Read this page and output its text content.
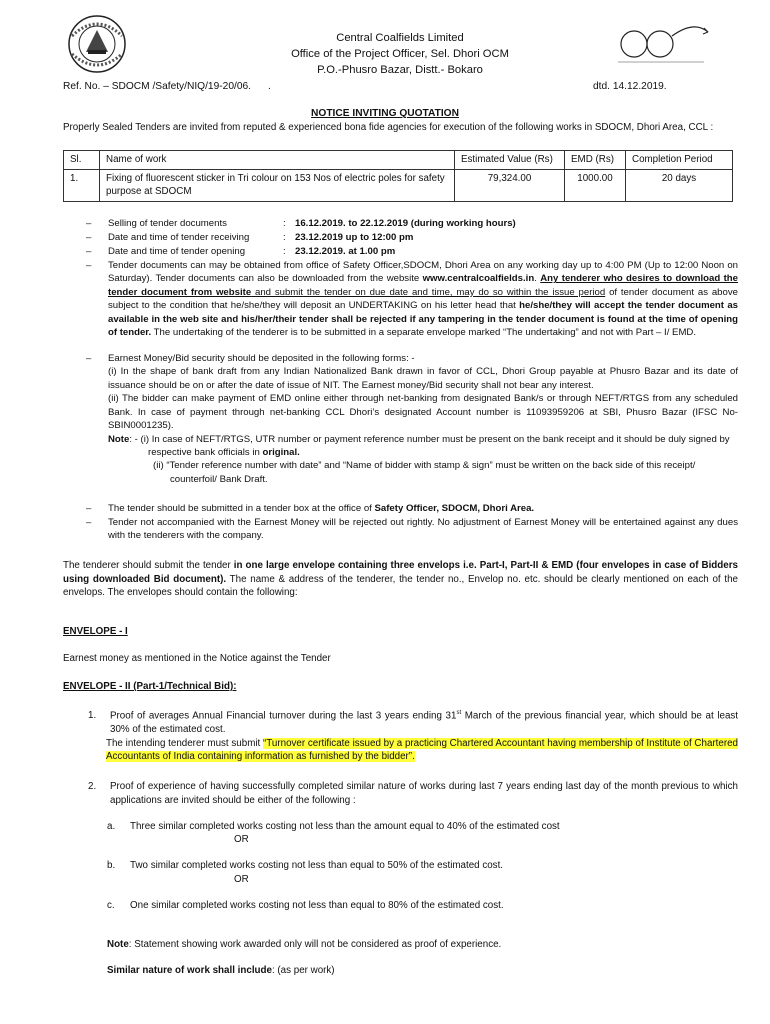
Central Coalfields Limited
Office of the Project Officer, Sel. Dhori OCM
P.O.-Phusro Bazar, Distt.- Bokaro
Ref. No. – SDOCM /Safety/NIQ/19-20/06.      .	dtd. 14.12.2019.
NOTICE INVITING QUOTATION
Properly Sealed Tenders are invited from reputed & experienced bona fide agencies for execution of the following works in SDOCM, Dhori Area, CCL :
Sl.	Name of work	Estimated Value (Rs)	EMD (Rs)	Completion Period
1.	Fixing of fluorescent sticker in Tri colour on 153 Nos of electric poles for safety purpose at SDOCM	79,324.00	1000.00	20 days
– Selling of tender documents	: 16.12.2019. to 22.12.2019 (during working hours)
– Date and time of tender receiving	: 23.12.2019 up to 12:00 pm
– Date and time of tender opening	: 23.12.2019. at 1.00 pm
– Tender documents can may be obtained from office of Safety Officer,SDOCM, Dhori Area on any working day up to 4:00 PM (Up to 12:00 Noon on Saturday). Tender documents can also be downloaded from the website www.centralcoalfields.in. Any tenderer who desires to download the tender document from website and submit the tender on due date and time, may do so within the issue period of tender document as above subject to the condition that he/she/they will deposit an UNDERTAKING on his letter head that he/she/they will accept the tender document as available in the web site and his/her/their tender shall be rejected if any tampering in the tender document is found at the time of opening of tender. The undertaking of the tenderer is to be submitted in a separate envelope marked “The undertaking” and not with Part – I/ EMD.
– Earnest Money/Bid security should be deposited in the following forms: -
(i) In the shape of bank draft from any Indian Nationalized Bank drawn in favor of CCL, Dhori Group payable at Phusro Bazar and its date of issuance should be on or after the date of issue of NIT. The Earnest money/Bid security shall not bear any interest.
(ii) The bidder can make payment of EMD online either through net-banking from designated Bank/s or through NEFT/RTGS from any scheduled Bank. In case of payment through net-banking CCL Dhori’s designated Account number is 11093959206 at SBI, Phusro Bazar (IFSC No-SBIN0001235).
Note: - (i) In case of NEFT/RTGS, UTR number or payment reference number must be present on the bank receipt and it should be duly signed by
respective bank officials in original.
(ii) “Tender reference number with date” and “Name of bidder with stamp & sign” must be written on the back side of this receipt/
counterfoil/ Bank Draft.
– The tender should be submitted in a tender box at the office of Safety Officer, SDOCM, Dhori Area.
– Tender not accompanied with the Earnest Money will be rejected out rightly. No adjustment of Earnest Money will be entertained against any dues with the tenderers with the company.
The tenderer should submit the tender in one large envelope containing three envelops i.e. Part-I, Part-II & EMD (four envelopes in case of Bidders using downloaded Bid document). The name & address of the tenderer, the tender no., Envelop no. etc. should be clearly mentioned on each of the envelops. The envelopes should contain the following:
ENVELOPE - I
Earnest money as mentioned in the Notice against the Tender
ENVELOPE - II (Part-1/Technical Bid):
1. Proof of averages Annual Financial turnover during the last 3 years ending 31st March of the previous financial year, which should be at least 30% of the estimated cost.
The intending tenderer must submit “Turnover certificate issued by a practicing Chartered Accountant having membership of Institute of Chartered Accountants of India containing information as furnished by the bidder”.
2. Proof of experience of having successfully completed similar nature of works during last 7 years ending last day of the month previous to which applications are invited should be either of the following :
a. Three similar completed works costing not less than the amount equal to 40% of the estimated cost
OR
b. Two similar completed works costing not less than equal to 50% of the estimated cost.
OR
c. One similar completed works costing not less than equal to 80% of the estimated cost.
Note: Statement showing work awarded only will not be considered as proof of experience.
Similar nature of work shall include: (as per work)
